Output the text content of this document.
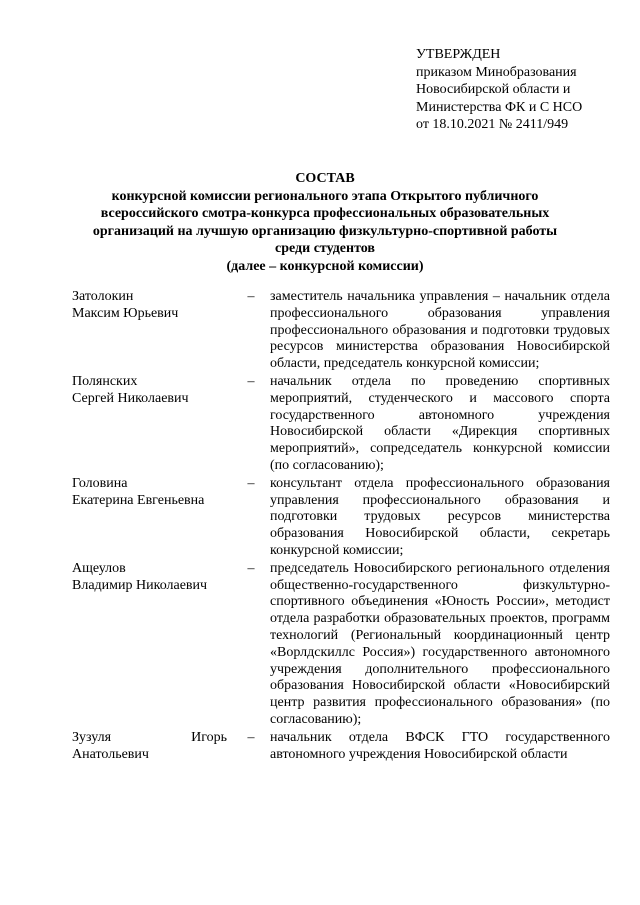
УТВЕРЖДЕН
приказом Минобразования
Новосибирской области и
Министерства ФК и С НСО
от 18.10.2021 № 2411/949
СОСТАВ
конкурсной комиссии регионального этапа Открытого публичного
всероссийского смотра-конкурса профессиональных образовательных
организаций на лучшую организацию физкультурно-спортивной работы
среди студентов
(далее – конкурсной комиссии)
Затолокин
Максим Юрьевич
–	заместитель начальника управления – начальник отдела профессионального образования управления профессионального образования и подготовки трудовых ресурсов министерства образования Новосибирской области, председатель конкурсной комиссии;
Полянских
Сергей Николаевич
–	начальник отдела по проведению спортивных мероприятий, студенческого и массового спорта государственного автономного учреждения Новосибирской области «Дирекция спортивных мероприятий», сопредседатель конкурсной комиссии (по согласованию);
Головина
Екатерина Евгеньевна
–	консультант отдела профессионального образования управления профессионального образования и подготовки трудовых ресурсов министерства образования Новосибирской области, секретарь конкурсной комиссии;
Ащеулов
Владимир Николаевич
–	председатель Новосибирского регионального отделения общественно-государственного физкультурно-спортивного объединения «Юность России», методист отдела разработки образовательных проектов, программ технологий (Региональный координационный центр «Ворлдскиллс Россия») государственного автономного учреждения дополнительного профессионального образования Новосибирской области «Новосибирский центр развития профессионального образования» (по согласованию);
Зузуля	Игорь
Анатольевич
–	начальник отдела ВФСК ГТО государственного автономного учреждения Новосибирской области
